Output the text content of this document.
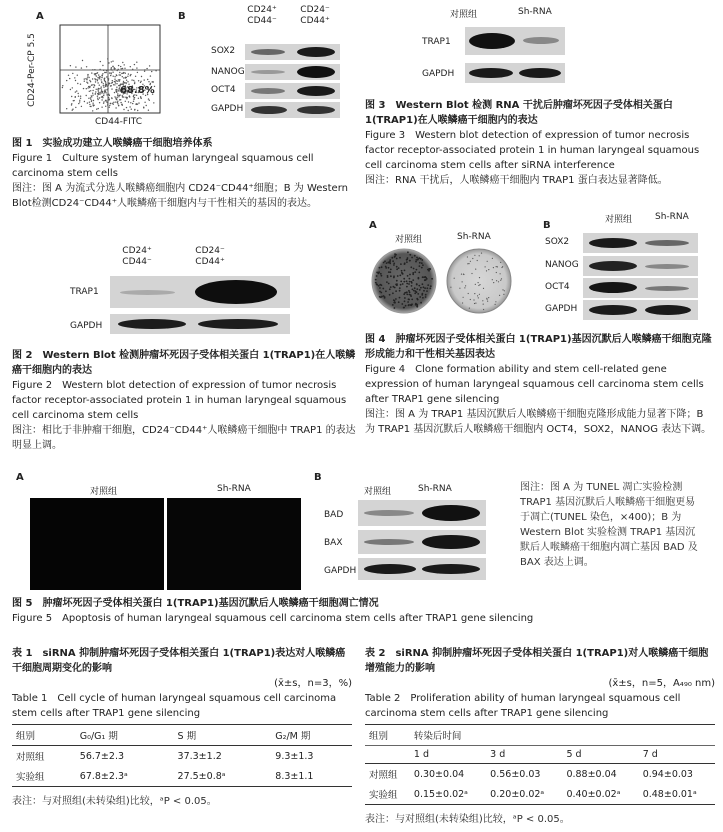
A
CD24-Per-CP 5.5
CD44-FITC
68.8%
B
CD24⁺
CD44⁻
CD24⁻
CD44⁺
SOX2
NANOG
OCT4
GAPDH
图 1　实验成功建立人喉鳞癌干细胞培养体系
Figure 1　Culture system of human laryngeal squamous cell carcinoma stem cells
图注：图 A 为流式分选人喉鳞癌细胞内 CD24⁻CD44⁺细胞；B 为 Western Blot检测CD24⁻CD44⁺人喉鳞癌干细胞内与干性相关的基因的表达。
CD24⁺
CD44⁻
CD24⁻
CD44⁺
TRAP1
GAPDH
图 2　Western Blot 检测肿瘤坏死因子受体相关蛋白 1(TRAP1)在人喉鳞癌干细胞内的表达
Figure 2　Western blot detection of expression of tumor necrosis factor receptor-associated protein 1 in human laryngeal squamous cell carcinoma stem cells
图注：相比于非肿瘤干细胞，CD24⁻CD44⁺人喉鳞癌干细胞中 TRAP1 的表达明显上调。
对照组	Sh-RNA
TRAP1
GAPDH
图 3　Western Blot 检测 RNA 干扰后肿瘤坏死因子受体相关蛋白 1(TRAP1)在人喉鳞癌干细胞内的表达
Figure 3　Western blot detection of expression of tumor necrosis factor receptor-associated protein 1 in human laryngeal squamous cell carcinoma stem cells after siRNA interference
图注：RNA 干扰后，人喉鳞癌干细胞内 TRAP1 蛋白表达显著降低。
A
对照组	Sh-RNA
B	对照组	Sh-RNA
SOX2
NANOG
OCT4
GAPDH
图 4　肿瘤坏死因子受体相关蛋白 1(TRAP1)基因沉默后人喉鳞癌干细胞克隆形成能力和干性相关基因表达
Figure 4　Clone formation ability and stem cell-related gene expression of human laryngeal squamous cell carcinoma stem cells after TRAP1 gene silencing
图注：图 A 为 TRAP1 基因沉默后人喉鳞癌干细胞克隆形成能力显著下降；B 为 TRAP1 基因沉默后人喉鳞癌干细胞内 OCT4，SOX2，NANOG 表达下调。
A
对照组	Sh-RNA
B
对照组	Sh-RNA
BAD
BAX
GAPDH
图注：图 A 为 TUNEL 凋亡实验检测 TRAP1 基因沉默后人喉鳞癌干细胞更易于凋亡(TUNEL 染色，×400)；B 为 Western Blot 实验检测 TRAP1 基因沉默后人喉鳞癌干细胞内凋亡基因 BAD 及 BAX 表达上调。
图 5　肿瘤坏死因子受体相关蛋白 1(TRAP1)基因沉默后人喉鳞癌干细胞凋亡情况
Figure 5　Apoptosis of human laryngeal squamous cell carcinoma stem cells after TRAP1 gene silencing
表 1　siRNA 抑制肿瘤坏死因子受体相关蛋白 1(TRAP1)表达对人喉鳞癌干细胞周期变化的影响
(x̄±s，n=3，%)
Table 1　Cell cycle of human laryngeal squamous cell carcinoma stem cells after TRAP1 gene silencing
组别	G₀/G₁ 期	S 期	G₂/M 期
对照组	56.7±2.3	37.3±1.2	9.3±1.3
实验组	67.8±2.3ᵃ	27.5±0.8ᵃ	8.3±1.1
表注：与对照组(未转染组)比较，ᵃP < 0.05。
表 2　siRNA 抑制肿瘤坏死因子受体相关蛋白 1(TRAP1)对人喉鳞癌干细胞增殖能力的影响
(x̄±s，n=5，A₄₉₀ nm)
Table 2　Proliferation ability of human laryngeal squamous cell carcinoma stem cells after TRAP1 gene silencing
组别	转染后时间			
	1 d	3 d	5 d	7 d
对照组	0.30±0.04	0.56±0.03	0.88±0.04	0.94±0.03
实验组	0.15±0.02ᵃ	0.20±0.02ᵃ	0.40±0.02ᵃ	0.48±0.01ᵃ
表注：与对照组(未转染组)比较，ᵃP < 0.05。
